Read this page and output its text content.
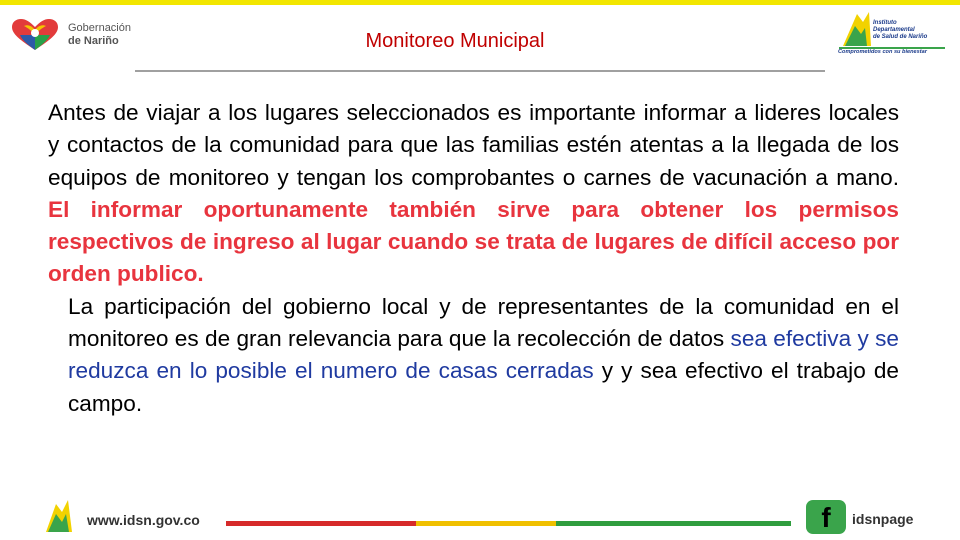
Gobernación
de Nariño	Monitoreo Municipal
Instituto
Departamental
de Salud de Nariño
Comprometidos con su bienestar

Antes de viajar a los lugares seleccionados es importante informar a lideres locales y contactos de la comunidad para que las familias estén atentas a la llegada de los equipos de monitoreo y tengan los comprobantes o carnes de vacunación a mano. El informar oportunamente también sirve para obtener los permisos respectivos de ingreso al lugar cuando se trata de lugares de difícil acceso por orden publico.

La participación del gobierno local y de representantes de la comunidad en el monitoreo es de gran relevancia para que la recolección de datos sea efectiva y se reduzca en lo posible el numero de casas cerradas y y sea efectivo el trabajo de campo.

www.idsn.gov.co	f	idsnpage
